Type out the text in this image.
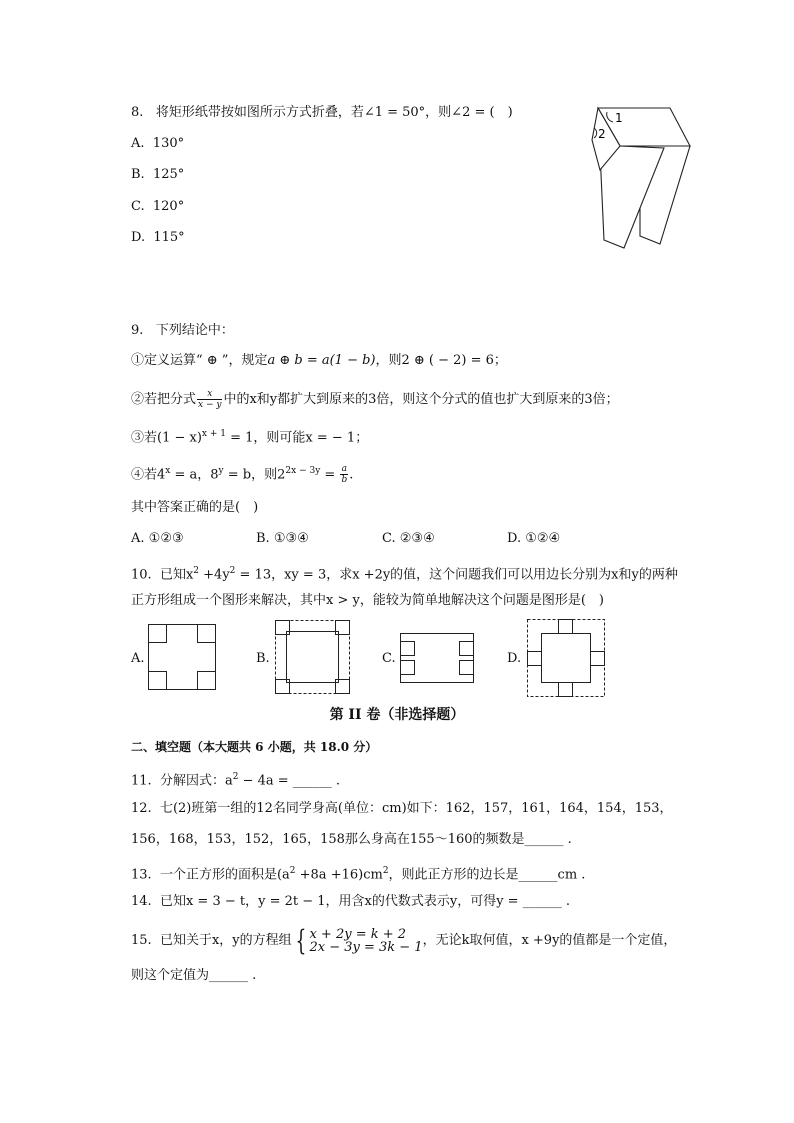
8. 将矩形纸带按如图所示方式折叠，若∠1 = 50°，则∠2 = (　)
A. 130°
B. 125°
C. 120°
D. 115°
1
2
9. 下列结论中：
①定义运算“ ⊕ ”，规定a ⊕ b = a(1 − b)，则2 ⊕ ( − 2) = 6；
②若把分式 $\frac{x}{x - y}$ 中的x和y都扩大到原来的3倍，则这个分式的值也扩大到原来的3倍；
③若$(1 - x)^{x + 1} = 1$，则可能x = − 1；
④若$4^x = a$，$8^y = b$，则$2^{2x - 3y} = \frac{a}{b}$ .
其中答案正确的是(　)
A. ①②③	B. ①③④	C. ②③④	D. ①②④
10. 已知$x^2 +4y^2 = 13$，xy = 3，求x +2y的值，这个问题我们可以用边长分别为x和y的两种
正方形组成一个图形来解决，其中x > y，能较为简单地解决这个问题是图形是(　)
A.	B.	C.	D.
第 II 卷（非选择题）
二、填空题（本大题共 6 小题，共 18.0 分）
11. 分解因式：$a^2 - 4a$ = ______ .
12. 七(2)班第一组的12名同学身高(单位：cm)如下：162，157，161，164，154，153，
156，168，153，152，165，158那么身高在155～160的频数是______ .
13. 一个正方形的面积是$(a^2 +8a +16)cm^2$，则此正方形的边长是______cm .
14. 已知x = 3 − t，y = 2t − 1，用含x的代数式表示y，可得y = ______ .
15. 已知关于x，y的方程组 { x + 2y = k + 2
2x − 3y = 3k − 1 ，无论k取何值，x +9y的值都是一个定值，
则这个定值为______ .
